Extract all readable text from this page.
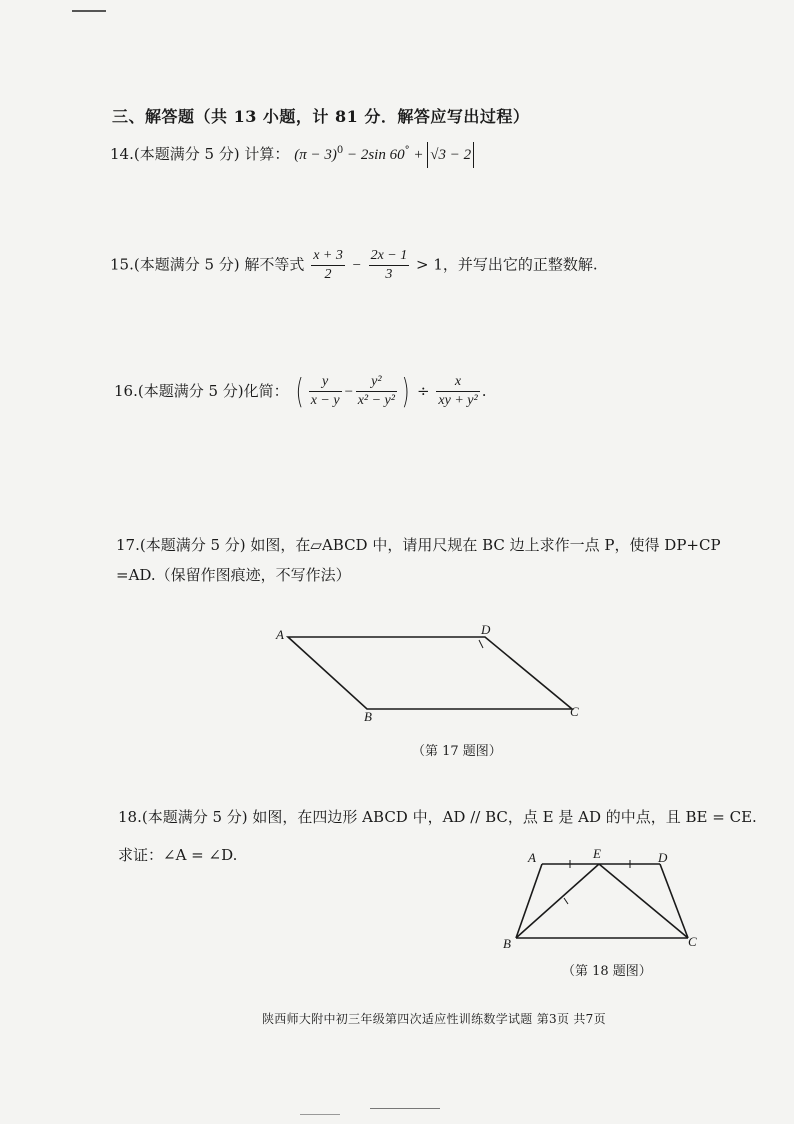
三、解答题（共 13 小题，计 81 分．解答应写出过程）
14.(本题满分 5 分) 计算： $(\pi - 3)^0 - 2\sin$ 60° + √3 − 2
15.(本题满分 5 分) 解不等式 $\frac{x + 3}{2} - \frac{2x - 1}{3} > 1$，并写出它的正整数解.
16.(本题满分 5 分)化简： ( $\frac{y}{x - y} - \frac{\text{y²}}{\text{x² − y²}}$ ) ÷ $\frac{x}{\text{xy + y²}}$ .
17.(本题满分 5 分) 如图，在▱ABCD 中，请用尺规在 BC 边上求作一点 P，使得 DP+CP
=AD.（保留作图痕迹，不写作法）
A	D
B	C
（第 17 题图）
18.(本题满分 5 分) 如图，在四边形 ABCD 中，AD // BC，点 E 是 AD 的中点，且 BE = CE.
求证：∠A = ∠D.	A	E	D
B	C
（第 18 题图）
陕西师大附中初三年级第四次适应性训练数学试题 第3页 共7页
